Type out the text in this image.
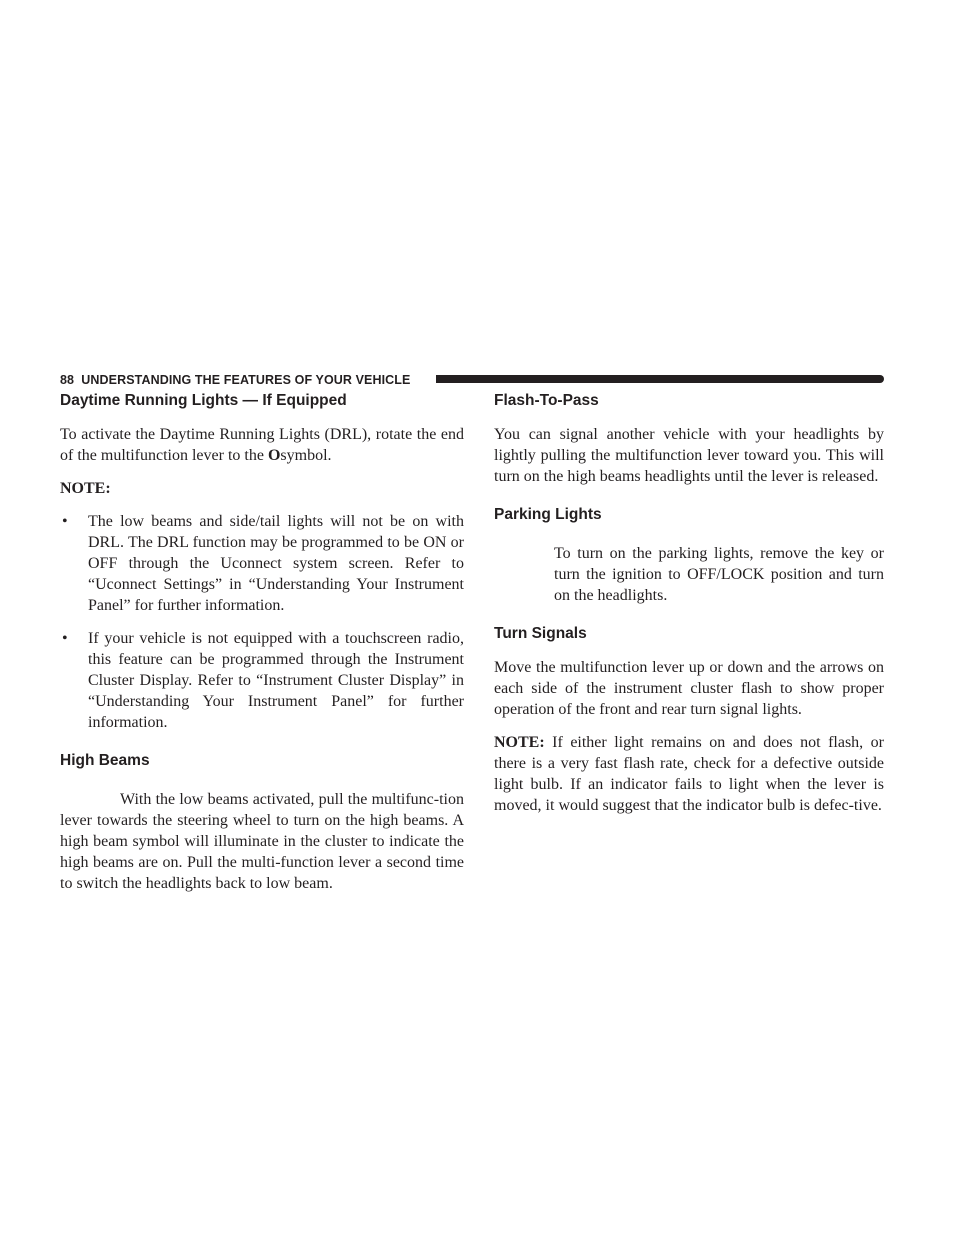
88 UNDERSTANDING THE FEATURES OF YOUR VEHICLE
Daytime Running Lights — If Equipped

To activate the Daytime Running Lights (DRL), rotate the end of the multifunction lever to the Osymbol.

NOTE:

• The low beams and side/tail lights will not be on with DRL. The DRL function may be programmed to be ON or OFF through the Uconnect system screen. Refer to “Uconnect Settings” in “Understanding Your Instrument Panel” for further information.
• If your vehicle is not equipped with a touchscreen radio, this feature can be programmed through the Instrument Cluster Display. Refer to “Instrument Cluster Display” in “Understanding Your Instrument Panel” for further information.
High Beams

With the low beams activated, pull the multifunc-tion lever towards the steering wheel to turn on the high beams. A high beam symbol will illuminate in the cluster to indicate the high beams are on. Pull the multi-function lever a second time to switch the headlights back to low beam.

Flash-To-Pass

You can signal another vehicle with your headlights by lightly pulling the multifunction lever toward you. This will turn on the high beams headlights until the lever is released.

Parking Lights

To turn on the parking lights, remove the key or turn the ignition to OFF/LOCK position and turn on the headlights.

Turn Signals

Move the multifunction lever up or down and the arrows on each side of the instrument cluster flash to show proper operation of the front and rear turn signal lights.

NOTE: If either light remains on and does not flash, or there is a very fast flash rate, check for a defective outside light bulb. If an indicator fails to light when the lever is moved, it would suggest that the indicator bulb is defec-tive.
